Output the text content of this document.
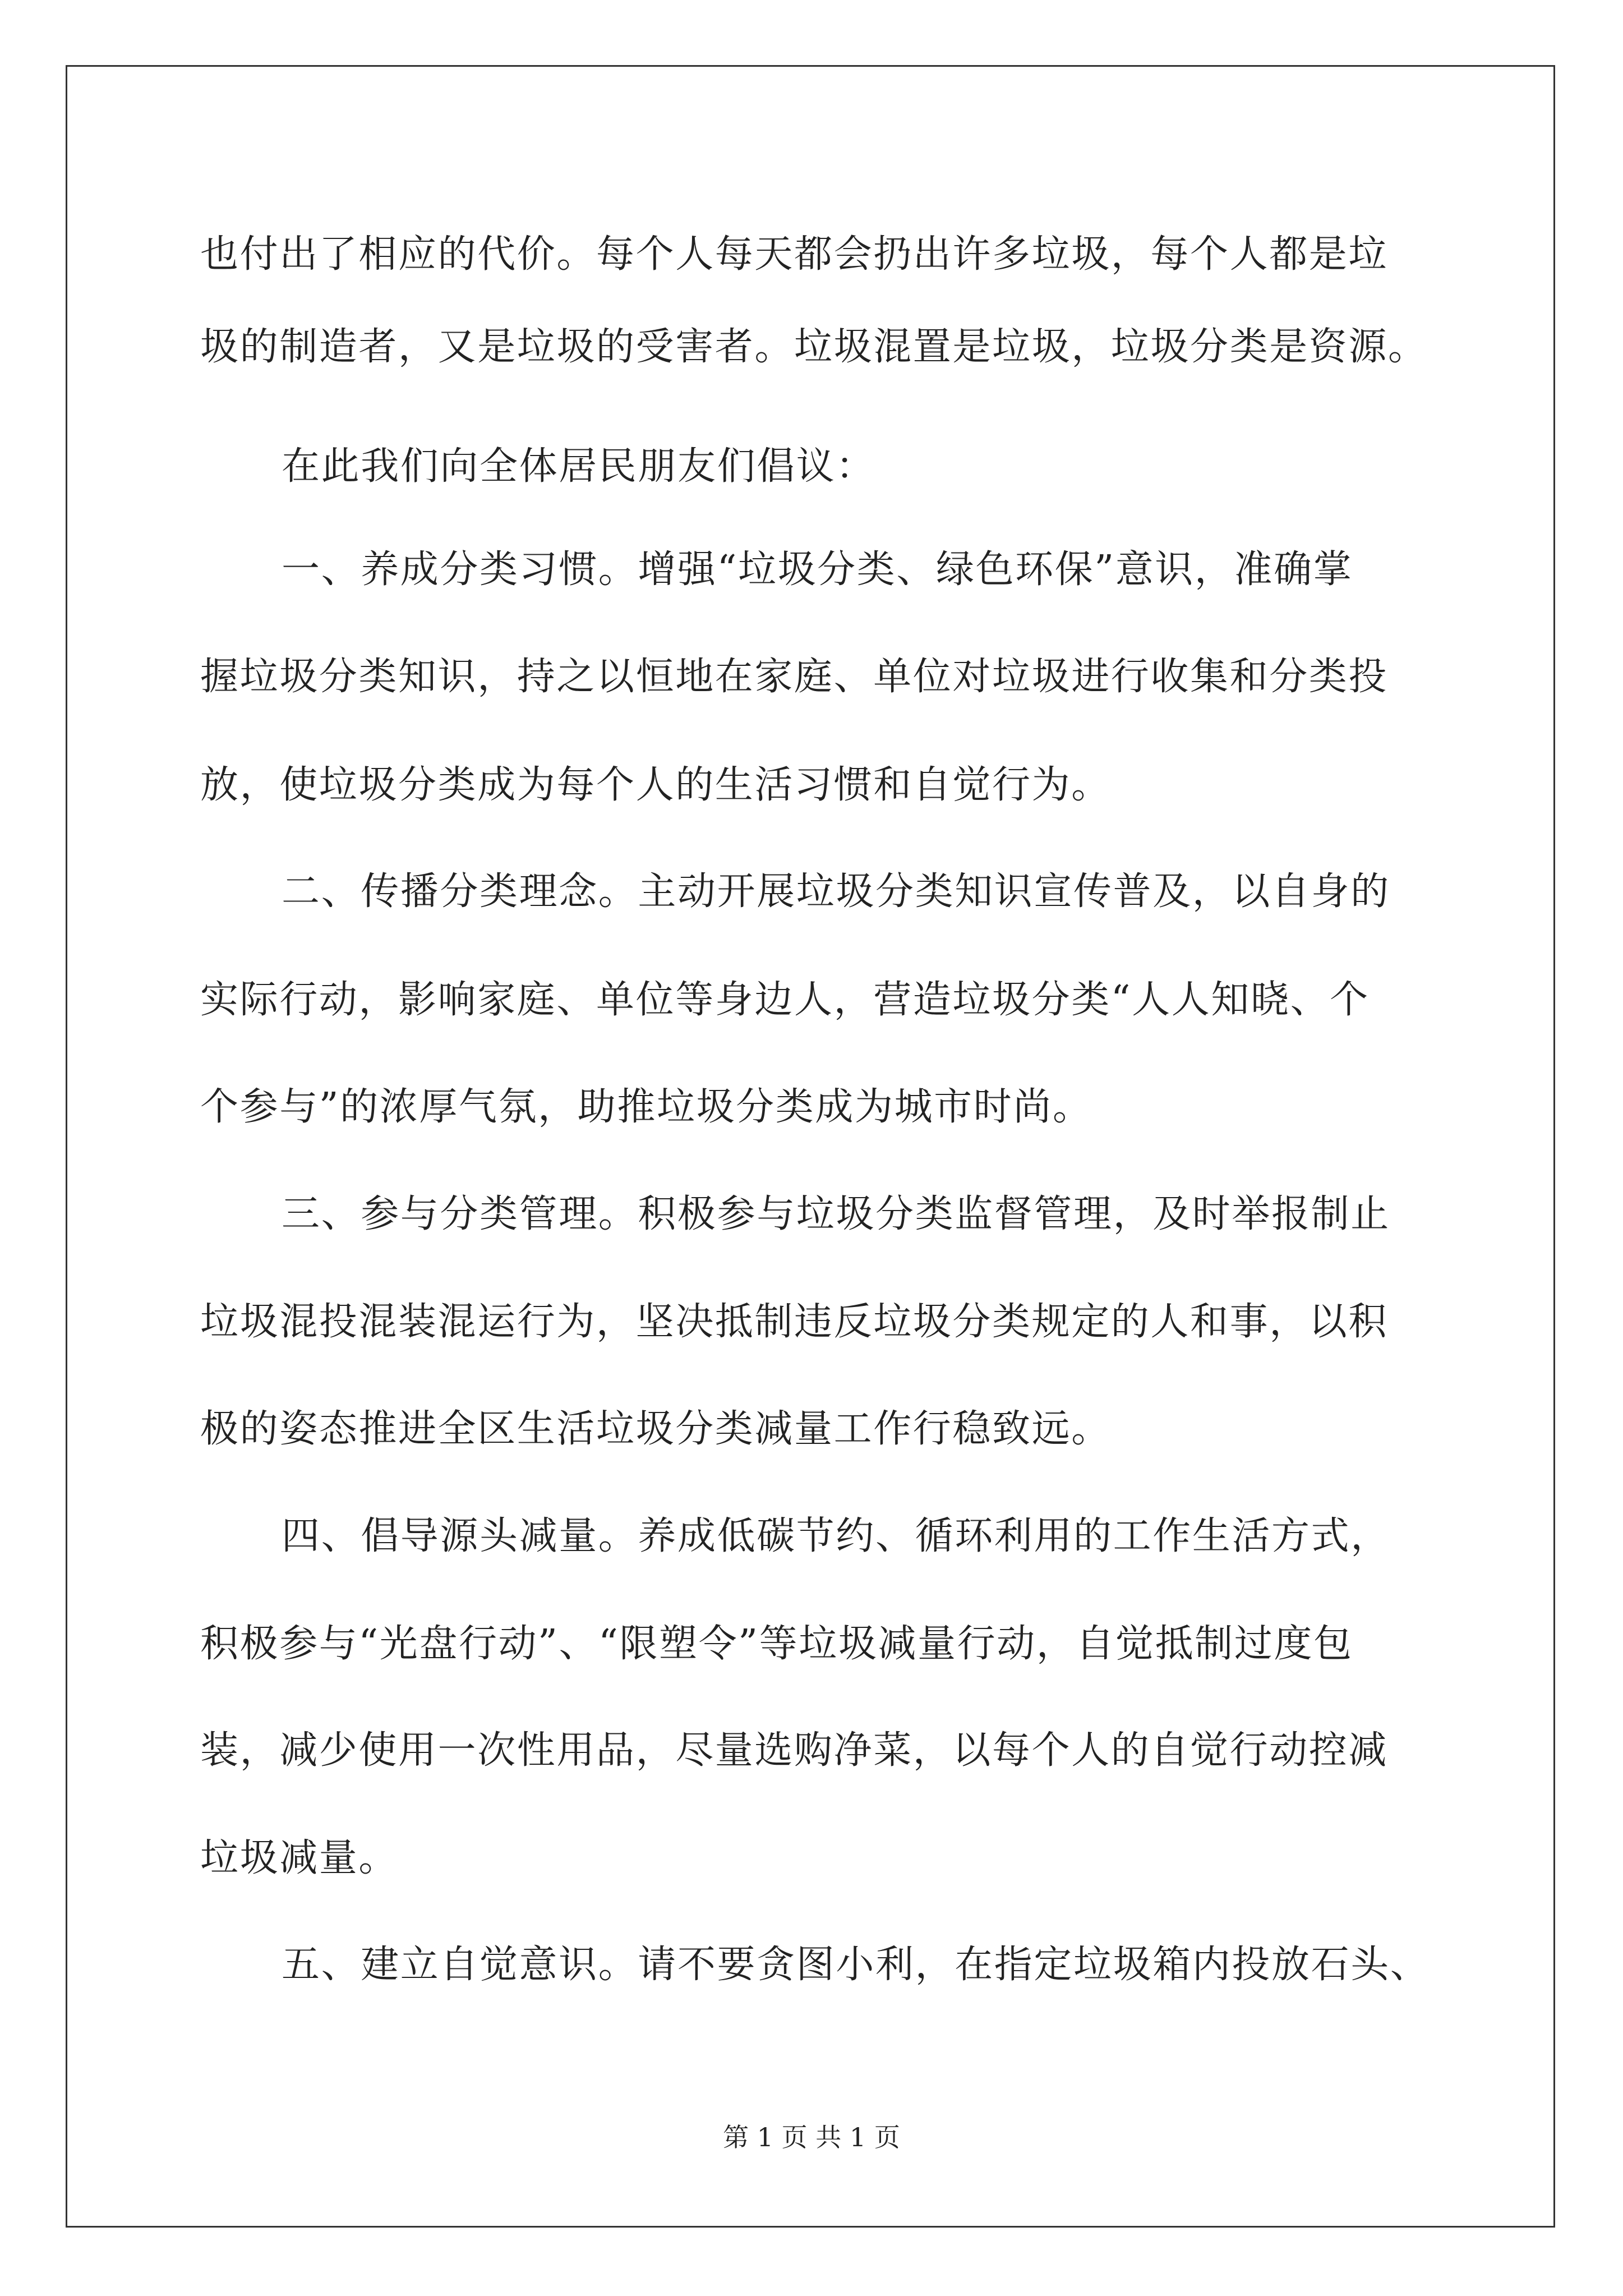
也付出了相应的代价。每个人每天都会扔出许多垃圾，每个人都是垃
圾的制造者，又是垃圾的受害者。垃圾混置是垃圾，垃圾分类是资源。
在此我们向全体居民朋友们倡议：
一、养成分类习惯。增强“垃圾分类、绿色环保”意识，准确掌
握垃圾分类知识，持之以恒地在家庭、单位对垃圾进行收集和分类投
放，使垃圾分类成为每个人的生活习惯和自觉行为。
二、传播分类理念。主动开展垃圾分类知识宣传普及，以自身的
实际行动，影响家庭、单位等身边人，营造垃圾分类“人人知晓、个
个参与”的浓厚气氛，助推垃圾分类成为城市时尚。
三、参与分类管理。积极参与垃圾分类监督管理，及时举报制止
垃圾混投混装混运行为，坚决抵制违反垃圾分类规定的人和事，以积
极的姿态推进全区生活垃圾分类减量工作行稳致远。
四、倡导源头减量。养成低碳节约、循环利用的工作生活方式，
积极参与“光盘行动”、“限塑令”等垃圾减量行动，自觉抵制过度包
装，减少使用一次性用品，尽量选购净菜，以每个人的自觉行动控减
垃圾减量。
五、建立自觉意识。请不要贪图小利，在指定垃圾箱内投放石头、
第 1 页 共 1 页
